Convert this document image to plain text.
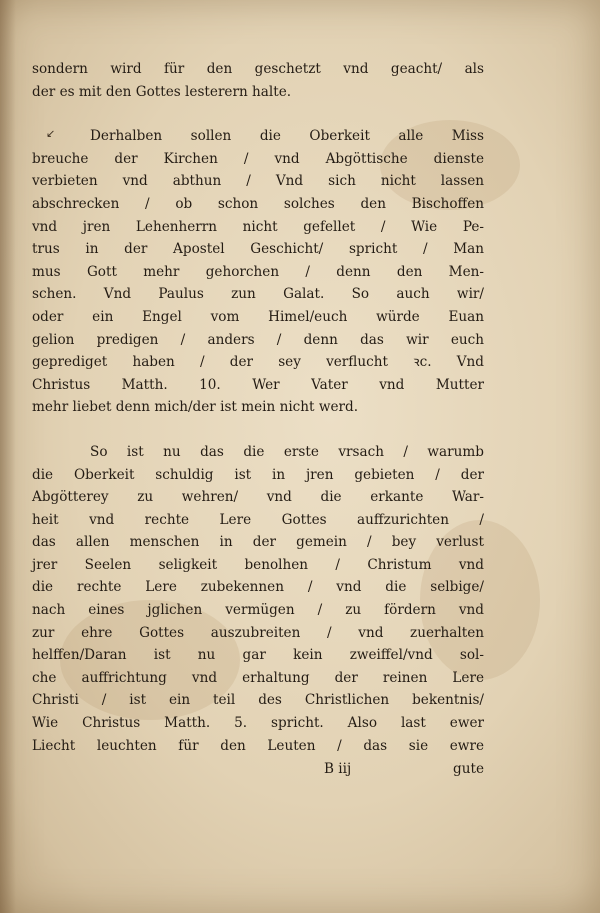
↙
sondern wird für den geschetzt vnd geacht/ als
der es mit den Gottes lesterern halte.
Derhalben sollen die Oberkeit alle Miss
breuche der Kirchen / vnd Abgöttische dienste
verbieten vnd abthun / Vnd sich nicht lassen
abschrecken / ob schon solches den Bischoffen
vnd jren Lehenherrn nicht gefellet / Wie Pe-
trus in der Apostel Geschicht/ spricht / Man
mus Gott mehr gehorchen / denn den Men-
schen. Vnd Paulus zun Galat. So auch wir/
oder ein Engel vom Himel/euch würde Euan
gelion predigen / anders / denn das wir euch
geprediget haben / der sey verflucht ꝛc. Vnd
Christus Matth. 10. Wer Vater vnd Mutter
mehr liebet denn mich/der ist mein nicht werd.
So ist nu das die erste vrsach / warumb
die Oberkeit schuldig ist in jren gebieten / der
Abgötterey zu wehren/ vnd die erkante War-
heit vnd rechte Lere Gottes auffzurichten /
das allen menschen in der gemein / bey verlust
jrer Seelen seligkeit benolhen / Christum vnd
die rechte Lere zubekennen / vnd die selbige/
nach eines jglichen vermügen / zu fördern vnd
zur ehre Gottes auszubreiten / vnd zuerhalten
helffen/Daran ist nu gar kein zweiffel/vnd sol-
che auffrichtung vnd erhaltung der reinen Lere
Christi / ist ein teil des Christlichen bekentnis/
Wie Christus Matth. 5. spricht. Also last ewer
Liecht leuchten für den Leuten / das sie ewre
B iij	gute
